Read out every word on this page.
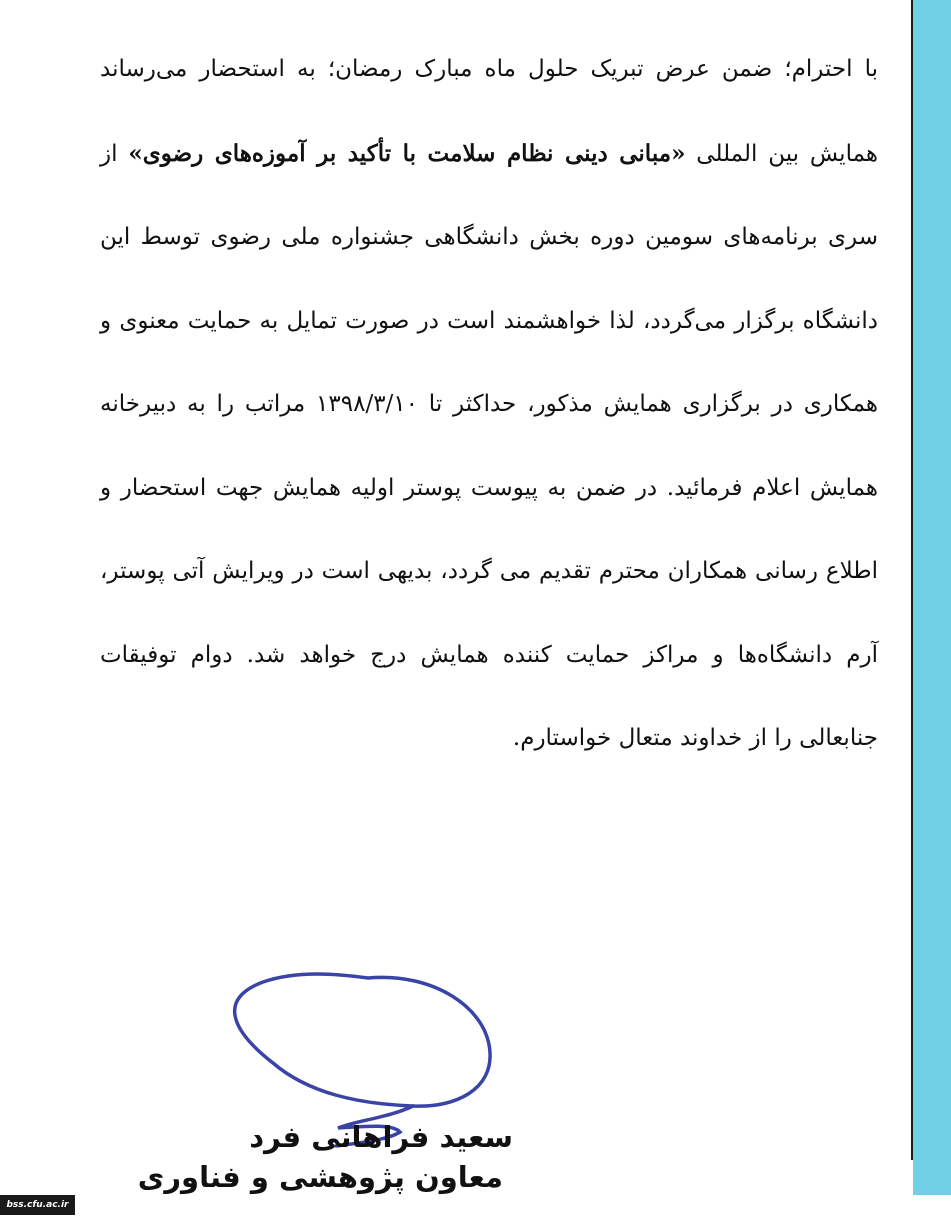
با احترام؛ ضمن عرض تبریک حلول ماه مبارک رمضان؛ به استحضار می‌رساند همایش بین المللی «مبانی دینی نظام سلامت با تأکید بر آموزه‌های رضوی» از سری برنامه‌های سومین دوره بخش دانشگاهی جشنواره ملی رضوی توسط این دانشگاه برگزار می‌گردد، لذا خواهشمند است در صورت تمایل به حمایت معنوی و همکاری در برگزاری همایش مذکور، حداکثر تا ۱۳۹۸/۳/۱۰ مراتب را به دبیرخانه همایش اعلام فرمائید. در ضمن به پیوست پوستر اولیه همایش جهت استحضار و اطلاع رسانی همکاران محترم تقدیم می گردد، بدیهی است در ویرایش آتی پوستر، آرم دانشگاه‌ها و مراکز حمایت کننده همایش درج خواهد شد. دوام توفیقات جنابعالی را از خداوند متعال خواستارم.

سعید فراهانی فرد
معاون پژوهشی و فناوری
bss.cfu.ac.ir
